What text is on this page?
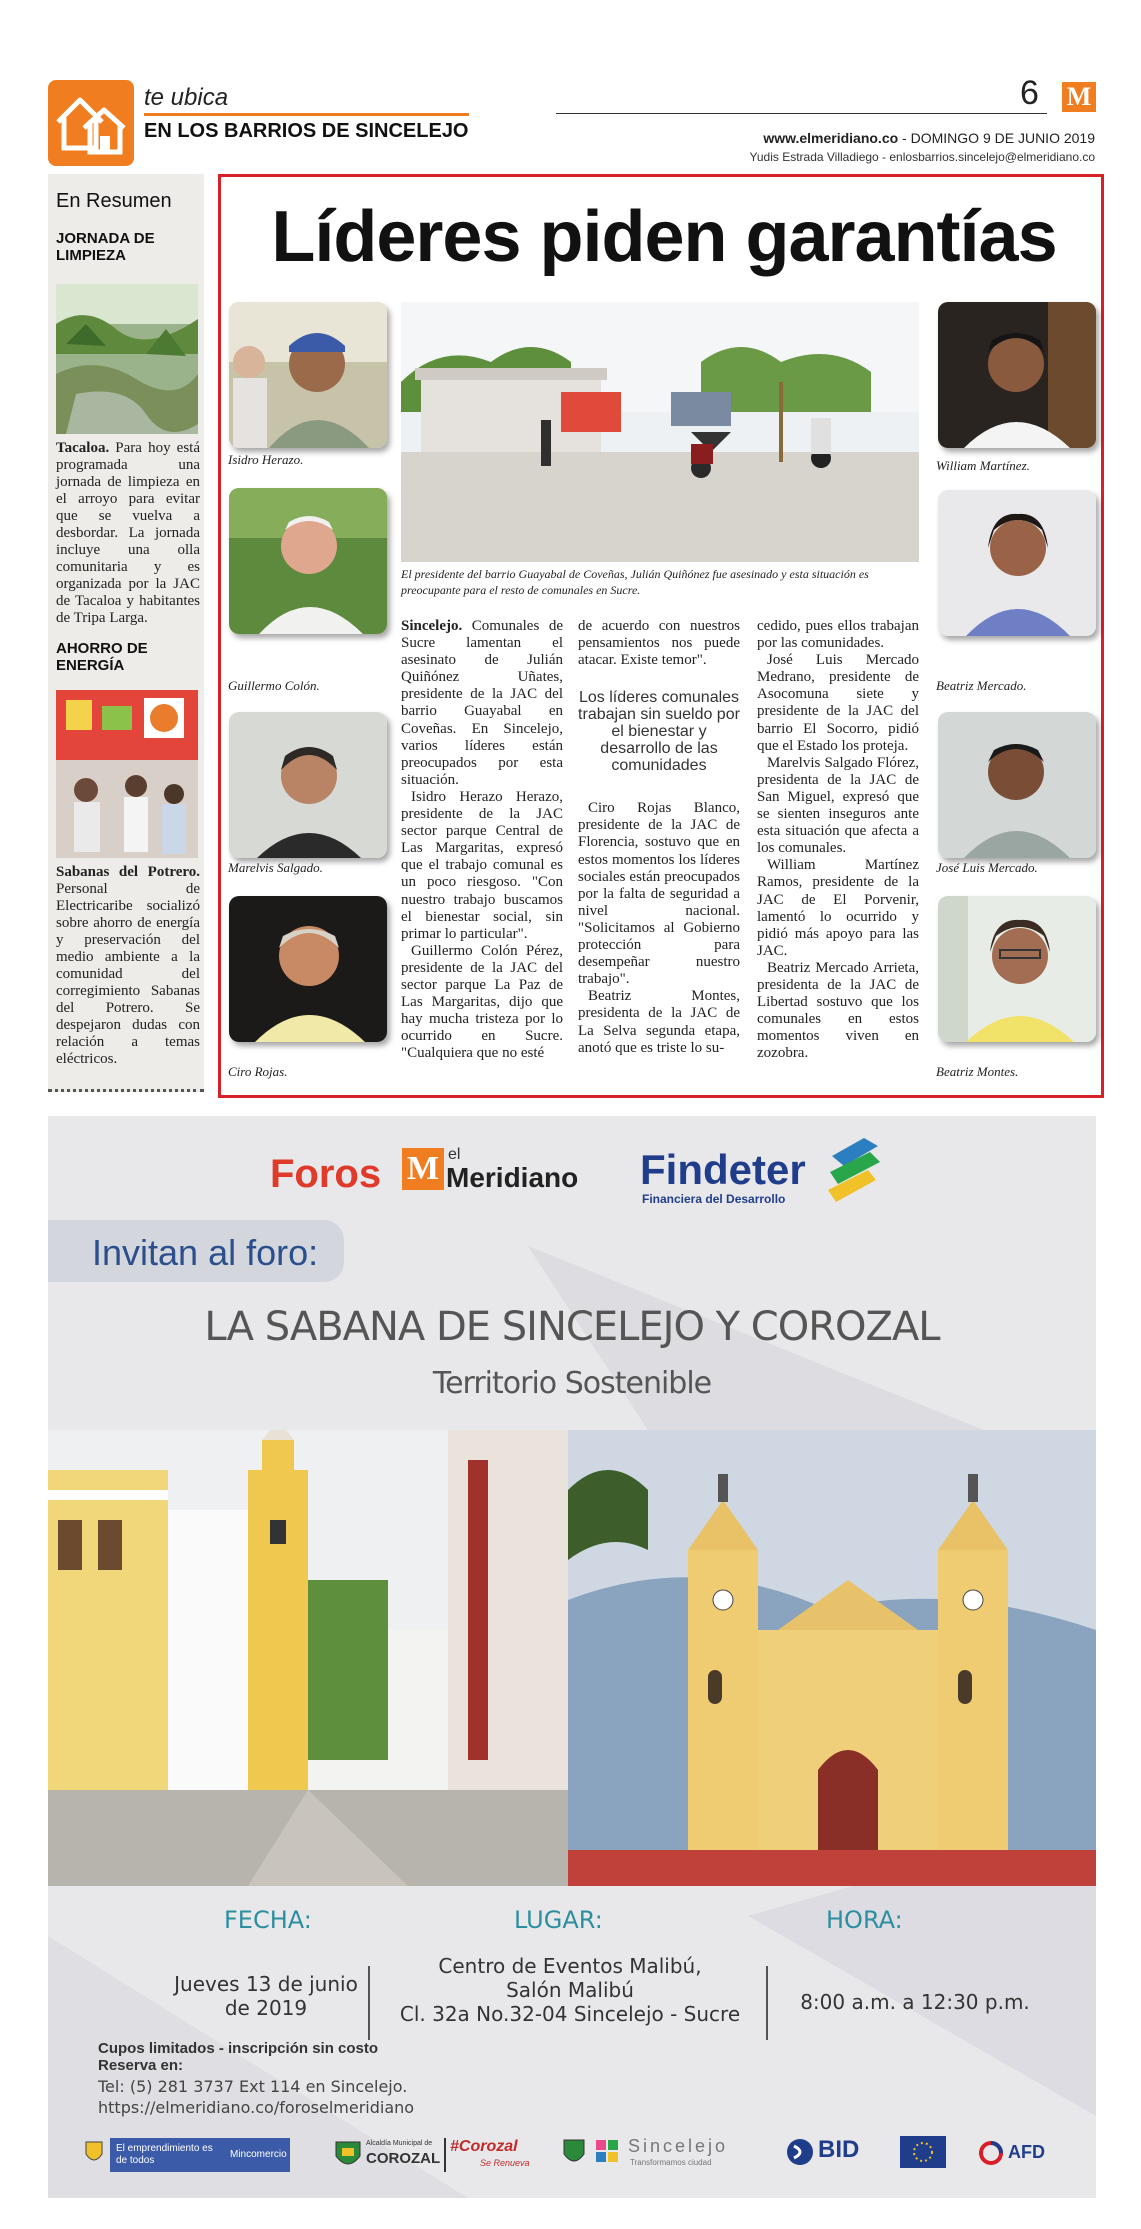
te ubica
EN LOS BARRIOS DE SINCELEJO
6 M
www.elmeridiano.co - DOMINGO 9 DE JUNIO 2019
Yudis Estrada Villadiego - enlosbarrios.sincelejo@elmeridiano.co
En Resumen
JORNADA DE LIMPIEZA
Tacaloa. Para hoy está programada una jornada de limpieza en el arroyo para evitar que se vuelva a desbordar. La jornada incluye una olla comunitaria y es organizada por la JAC de Tacaloa y habitantes de Tripa Larga.
AHORRO DE ENERGÍA
Sabanas del Potrero. Personal de Electricaribe socializó sobre ahorro de energía y preservación del medio ambiente a la comunidad del corregimiento Sabanas del Potrero. Se despejaron dudas con relación a temas eléctricos.
Líderes piden garantías
Isidro Herazo.
Guillermo Colón.
Marelvis Salgado.
Ciro Rojas.
El presidente del barrio Guayabal de Coveñas, Julián Quiñónez fue asesinado y esta situación es preocupante para el resto de comunales en Sucre.
William Martínez.
Beatriz Mercado.
José Luis Mercado.
Beatriz Montes.

Sincelejo. Comunales de Sucre lamentan el asesinato de Julián Quiñónez Uñates, presidente de la JAC del barrio Guayabal en Coveñas. En Sincelejo, varios líderes están preocupados por esta situación.

Isidro Herazo Herazo, presidente de la JAC sector parque Central de Las Margaritas, expresó que el trabajo comunal es un poco riesgoso. "Con nuestro trabajo buscamos el bienestar social, sin primar lo particular".

Guillermo Colón Pérez, presidente de la JAC del sector parque La Paz de Las Margaritas, dijo que hay mucha tristeza por lo ocurrido en Sucre. "Cualquiera que no esté

de acuerdo con nuestros pensamientos nos puede atacar. Existe temor".

Los líderes comunales trabajan sin sueldo por el bienestar y desarrollo de las comunidades

Ciro Rojas Blanco, presidente de la JAC de Florencia, sostuvo que en estos momentos los líderes sociales están preocupados por la falta de seguridad a nivel nacional. "Solicitamos al Gobierno protección para desempeñar nuestro trabajo".

Beatriz Montes, presidenta de la JAC de La Selva segunda etapa, anotó que es triste lo su-

cedido, pues ellos trabajan por las comunidades.

José Luis Mercado Medrano, presidente de Asocomuna siete y presidente de la JAC del barrio El Socorro, pidió que el Estado los proteja.

Marelvis Salgado Flórez, presidenta de la JAC de San Miguel, expresó que se sienten inseguros ante esta situación que afecta a los comunales.

William Martínez Ramos, presidente de la JAC de El Porvenir, lamentó lo ocurrido y pidió más apoyo para las JAC.

Beatriz Mercado Arrieta, presidenta de la JAC de Libertad sostuvo que los comunales en estos momentos viven en zozobra.

Foros M el
Meridiano Findeter
Financiera del Desarrollo
Invitan al foro:
LA SABANA DE SINCELEJO Y COROZAL
Territorio Sostenible
FECHA:
Jueves 13 de junio de 2019
LUGAR:
Centro de Eventos Malibú,
Salón Malibú
Cl. 32a No.32-04 Sincelejo - Sucre
HORA:
8:00 a.m. a 12:30 p.m.
Cupos limitados - inscripción sin costo
Reserva en:
Tel: (5) 281 3737 Ext 114 en Sincelejo.
https://elmeridiano.co/foroselmeridiano
El emprendimiento es de todos
Mincomercio
Alcaldía Municipal de
COROZAL
#Corozal
Se Renueva
Sincelejo
Transformamos ciudad	BID	AFD
